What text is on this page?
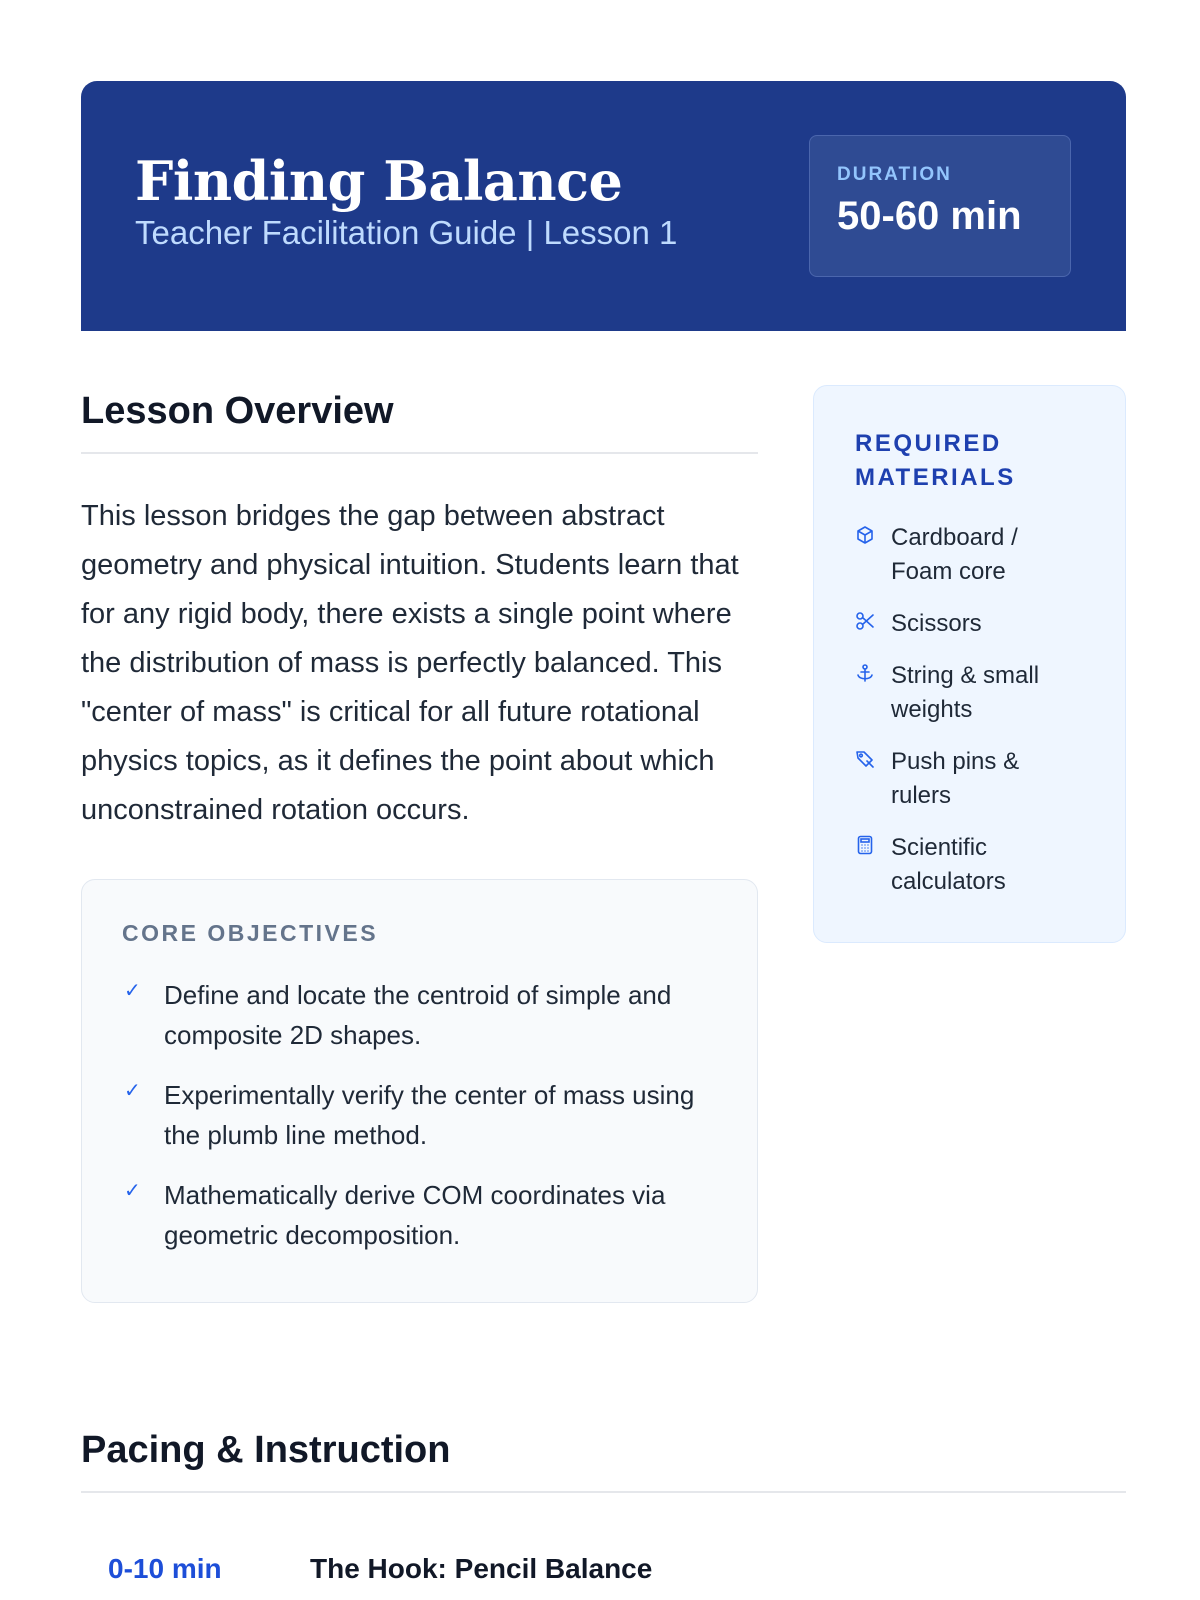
Finding Balance
Teacher Facilitation Guide | Lesson 1
DURATION
50-60 min
Lesson Overview

This lesson bridges the gap between abstract geometry and physical intuition. Students learn that for any rigid body, there exists a single point where the distribution of mass is perfectly balanced. This "center of mass" is critical for all future rotational physics topics, as it defines the point about which unconstrained rotation occurs.

CORE OBJECTIVES
✓ Define and locate the centroid of simple and composite 2D shapes.
✓ Experimentally verify the center of mass using the plumb line method.
✓ Mathematically derive COM coordinates via geometric decomposition.
REQUIRED MATERIALS
Cardboard / Foam core
Scissors
String & small weights
Push pins & rulers
Scientific calculators
Pacing & Instruction
0-10 min	The Hook: Pencil Balance
